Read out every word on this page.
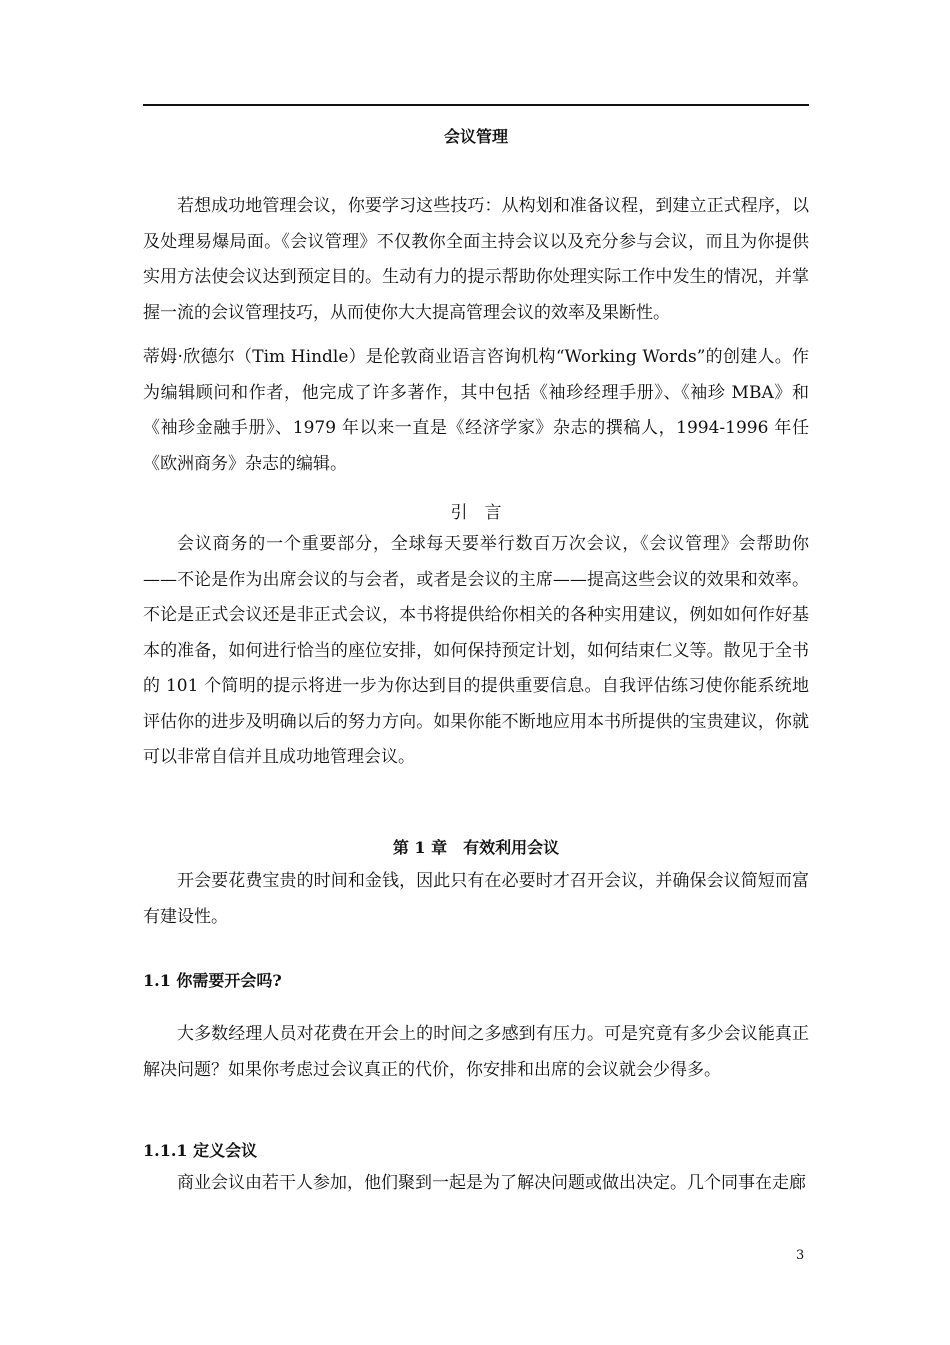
会议管理

若想成功地管理会议，你要学习这些技巧：从构划和准备议程，到建立正式程序，以及处理易爆局面。《会议管理》不仅教你全面主持会议以及充分参与会议，而且为你提供实用方法使会议达到预定目的。生动有力的提示帮助你处理实际工作中发生的情况，并掌握一流的会议管理技巧，从而使你大大提高管理会议的效率及果断性。

蒂姆·欣德尔（Tim Hindle）是伦敦商业语言咨询机构“Working Words”的创建人。作为编辑顾问和作者，他完成了许多著作，其中包括《袖珍经理手册》、《袖珍 MBA》和《袖珍金融手册》、1979 年以来一直是《经济学家》杂志的撰稿人，1994-1996 年任《欧洲商务》杂志的编辑。

引　言

会议商务的一个重要部分，全球每天要举行数百万次会议，《会议管理》会帮助你——不论是作为出席会议的与会者，或者是会议的主席——提高这些会议的效果和效率。不论是正式会议还是非正式会议，本书将提供给你相关的各种实用建议，例如如何作好基本的准备，如何进行恰当的座位安排，如何保持预定计划，如何结束仁义等。散见于全书的 101 个简明的提示将进一步为你达到目的提供重要信息。自我评估练习使你能系统地评估你的进步及明确以后的努力方向。如果你能不断地应用本书所提供的宝贵建议，你就可以非常自信并且成功地管理会议。

第 1 章　有效利用会议

开会要花费宝贵的时间和金钱，因此只有在必要时才召开会议，并确保会议简短而富有建设性。

1.1 你需要开会吗?

大多数经理人员对花费在开会上的时间之多感到有压力。可是究竟有多少会议能真正解决问题？如果你考虑过会议真正的代价，你安排和出席的会议就会少得多。

1.1.1 定义会议

商业会议由若干人参加，他们聚到一起是为了解决问题或做出决定。几个同事在走廊

3
